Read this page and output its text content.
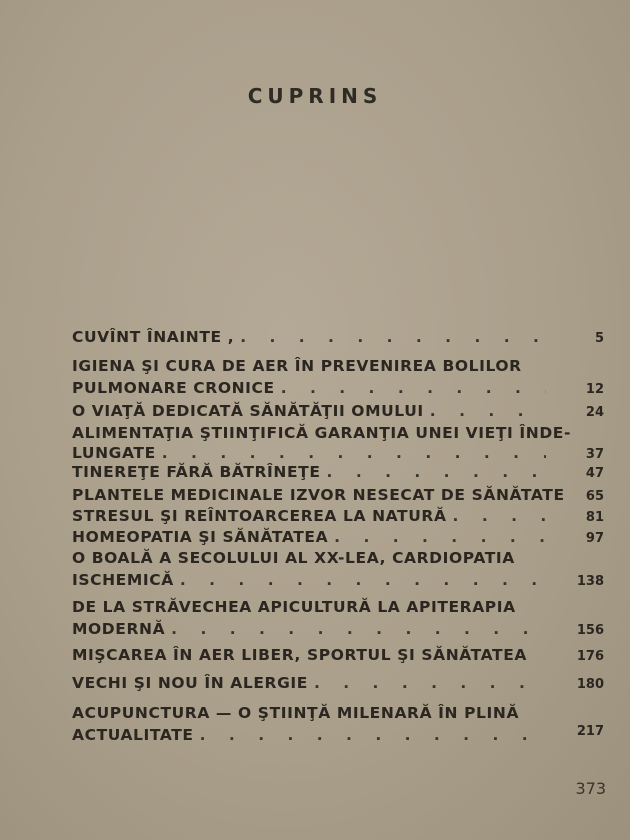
CUPRINS
CUVÎNT ÎNAINTE , . . .	5
IGIENA ŞI CURA DE AER ÎN PREVENIREA BOLILOR
PULMONARE CRONICE . . .	12
O VIAŢĂ DEDICATĂ SĂNĂTĂŢII OMULUI . . .	24
ALIMENTAŢIA ŞTIINŢIFICĂ GARANŢIA UNEI VIEŢI ÎNDE-
LUNGATE . . .	37
TINEREŢE FĂRĂ BĂTRÎNEŢE . . .	47
PLANTELE MEDICINALE IZVOR NESECAT DE SĂNĂTATE	65
STRESUL ŞI REÎNTOARCEREA LA NATURĂ . . .	81
HOMEOPATIA ŞI SĂNĂTATEA . . .	97
O BOALĂ A SECOLULUI AL XX-LEA, CARDIOPATIA
ISCHEMICĂ . . .	138
DE LA STRĂVECHEA APICULTURĂ LA APITERAPIA
MODERNĂ . . .	156
MIŞCAREA ÎN AER LIBER, SPORTUL ŞI SĂNĂTATEA	176
VECHI ŞI NOU ÎN ALERGIE . . .	180
ACUPUNCTURA — O ŞTIINŢĂ MILENARĂ ÎN PLINĂ
ACTUALITATE . . .	217
373
